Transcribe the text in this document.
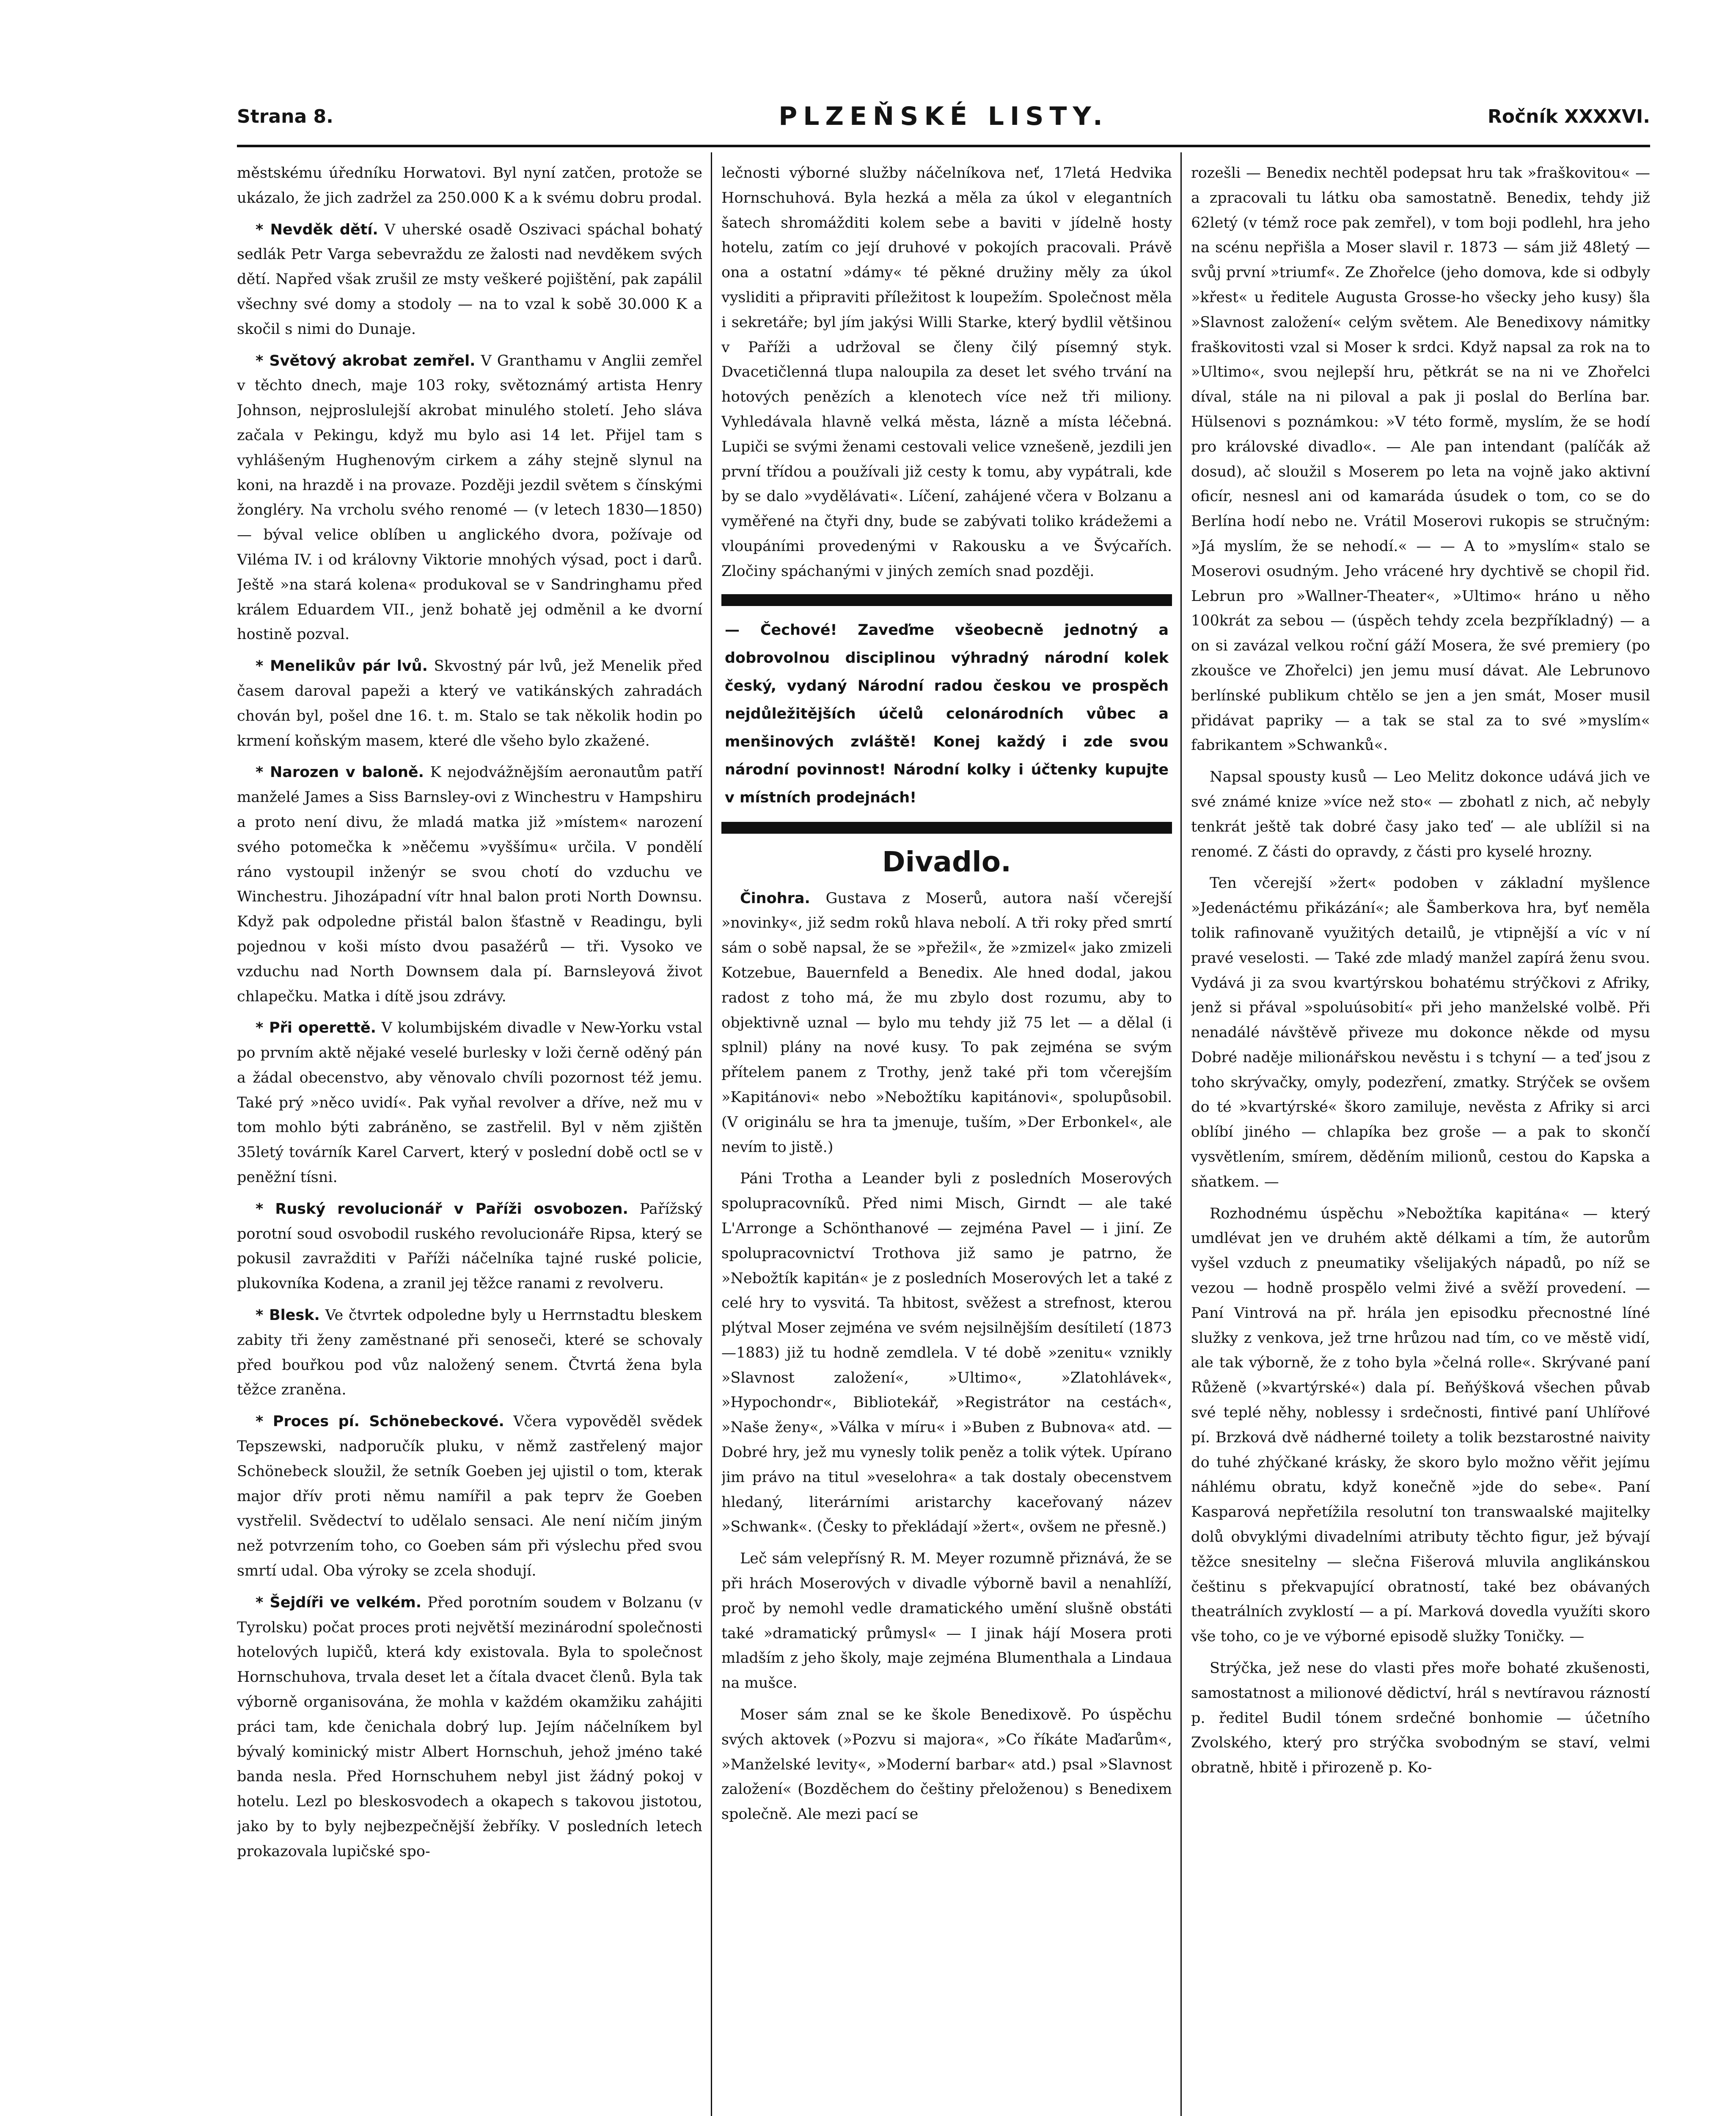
Strana 8.	PLZEŇSKÉ LISTY.	Ročník XXXXVI.

městskému úředníku Horwatovi. Byl nyní zatčen, protože se ukázalo, že jich zadržel za 250.000 K a k svému dobru prodal.

* Nevděk dětí. V uherské osadě Oszivaci spáchal bohatý sedlák Petr Varga sebevraždu ze žalosti nad nevděkem svých dětí. Napřed však zrušil ze msty veškeré pojištění, pak zapálil všechny své domy a stodoly — na to vzal k sobě 30.000 K a skočil s nimi do Dunaje.

* Světový akrobat zemřel. V Granthamu v Anglii zemřel v těchto dnech, maje 103 roky, světoznámý artista Henry Johnson, nejproslulejší akrobat minulého století. Jeho sláva začala v Pekingu, když mu bylo asi 14 let. Přijel tam s vyhlášeným Hughenovým cirkem a záhy stejně slynul na koni, na hrazdě i na provaze. Později jezdil světem s čínskými žongléry. Na vrcholu svého renomé — (v letech 1830—1850) — býval velice oblíben u anglického dvora, požívaje od Viléma IV. i od královny Viktorie mnohých výsad, poct i darů. Ještě »na stará kolena« produkoval se v Sandringhamu před králem Eduardem VII., jenž bohatě jej odměnil a ke dvorní hostině pozval.

* Menelikův pár lvů. Skvostný pár lvů, jež Menelik před časem daroval papeži a který ve vatikánských zahradách chován byl, pošel dne 16. t. m. Stalo se tak několik hodin po krmení koňským masem, které dle všeho bylo zkažené.

* Narozen v baloně. K nejodvážnějším aeronautům patří manželé James a Siss Barnsley-ovi z Winchestru v Hampshiru a proto není divu, že mladá matka již »místem« narození svého potomečka k »něčemu »vyššímu« určila. V pondělí ráno vystoupil inženýr se svou chotí do vzduchu ve Winchestru. Jihozápadní vítr hnal balon proti North Downsu. Když pak odpoledne přistál balon šťastně v Readingu, byli pojednou v koši místo dvou pasažérů — tři. Vysoko ve vzduchu nad North Downsem dala pí. Barnsleyová život chlapečku. Matka i dítě jsou zdrávy.

* Při operettě. V kolumbijském divadle v New-Yorku vstal po prvním aktě nějaké veselé burlesky v loži černě oděný pán a žádal obecenstvo, aby věnovalo chvíli pozornost též jemu. Také prý »něco uvidí«. Pak vyňal revolver a dříve, než mu v tom mohlo býti zabráněno, se zastřelil. Byl v něm zjištěn 35letý továrník Karel Carvert, který v poslední době octl se v peněžní tísni.

* Ruský revolucionář v Paříži osvobozen. Pařížský porotní soud osvobodil ruského revolucionáře Ripsa, který se pokusil zavražditi v Paříži náčelníka tajné ruské policie, plukovníka Kodena, a zranil jej těžce ranami z revolveru.

* Blesk. Ve čtvrtek odpoledne byly u Herrnstadtu bleskem zabity tři ženy zaměstnané při senoseči, které se schovaly před bouřkou pod vůz naložený senem. Čtvrtá žena byla těžce zraněna.

* Proces pí. Schönebeckové. Včera vypověděl svědek Tepszewski, nadporučík pluku, v němž zastřelený major Schönebeck sloužil, že setník Goeben jej ujistil o tom, kterak major dřív proti němu namířil a pak teprv že Goeben vystřelil. Svědectví to udělalo sensaci. Ale není ničím jiným než potvrzením toho, co Goeben sám při výslechu před svou smrtí udal. Oba výroky se zcela shodují.

* Šejdíři ve velkém. Před porotním soudem v Bolzanu (v Tyrolsku) počat proces proti největší mezinárodní společnosti hotelových lupičů, která kdy existovala. Byla to společnost Hornschuhova, trvala deset let a čítala dvacet členů. Byla tak výborně organisována, že mohla v každém okamžiku zahájiti práci tam, kde čenichala dobrý lup. Jejím náčelníkem byl bývalý kominický mistr Albert Hornschuh, jehož jméno také banda nesla. Před Hornschuhem nebyl jist žádný pokoj v hotelu. Lezl po bleskosvodech a okapech s takovou jistotou, jako by to byly nejbezpečnější žebříky. V posledních letech prokazovala lupičské spo-

lečnosti výborné služby náčelníkova neť, 17letá Hedvika Hornschuhová. Byla hezká a měla za úkol v elegantních šatech shromážditi kolem sebe a baviti v jídelně hosty hotelu, zatím co její druhové v pokojích pracovali. Právě ona a ostatní »dámy« té pěkné družiny měly za úkol vysliditi a připraviti příležitost k loupežím. Společnost měla i sekretáře; byl jím jakýsi Willi Starke, který bydlil většinou v Paříži a udržoval se členy čilý písemný styk. Dvacetičlenná tlupa naloupila za deset let svého trvání na hotových penězích a klenotech více než tři miliony. Vyhledávala hlavně velká města, lázně a místa léčebná. Lupiči se svými ženami cestovali velice vznešeně, jezdili jen první třídou a používali již cesty k tomu, aby vypátrali, kde by se dalo »vydělávati«. Líčení, zahájené včera v Bolzanu a vyměřené na čtyři dny, bude se zabývati toliko krádežemi a vloupáními provedenými v Rakousku a ve Švýcařích. Zločiny spáchanými v jiných zemích snad později.

— Čechové! Zaveďme všeobecně jednotný a dobrovolnou disciplinou výhradný národní kolek český, vydaný Národní radou českou ve prospěch nejdůležitějších účelů celonárodních vůbec a menšinových zvláště! Konej každý i zde svou národní povinnost! Národní kolky i účtenky kupujte v místních prodejnách!
Divadlo.

Činohra. Gustava z Moserů, autora naší včerejší »novinky«, již sedm roků hlava nebolí. A tři roky před smrtí sám o sobě napsal, že se »přežil«, že »zmizel« jako zmizeli Kotzebue, Bauernfeld a Benedix. Ale hned dodal, jakou radost z toho má, že mu zbylo dost rozumu, aby to objektivně uznal — bylo mu tehdy již 75 let — a dělal (i splnil) plány na nové kusy. To pak zejména se svým přítelem panem z Trothy, jenž také při tom včerejším »Kapitánovi« nebo »Nebožtíku kapitánovi«, spolupůsobil. (V originálu se hra ta jmenuje, tuším, »Der Erbonkel«, ale nevím to jistě.)

Páni Trotha a Leander byli z posledních Moserových spolupracovníků. Před nimi Misch, Girndt — ale také L'Arronge a Schönthanové — zejména Pavel — i jiní. Ze spolupracovnictví Trothova již samo je patrno, že »Nebožtík kapitán« je z posledních Moserových let a také z celé hry to vysvitá. Ta hbitost, svěžest a strefnost, kterou plýtval Moser zejména ve svém nejsilnějším desítiletí (1873—1883) již tu hodně zemdlela. V té době »zenitu« vznikly »Slavnost založení«, »Ultimo«, »Zlatohlávek«, »Hypochondr«, Bibliotekář, »Registrátor na cestách«, »Naše ženy«, »Válka v míru« i »Buben z Bubnova« atd. — Dobré hry, jež mu vynesly tolik peněz a tolik výtek. Upírano jim právo na titul »veselohra« a tak dostaly obecenstvem hledaný, literárními aristarchy kaceřovaný název »Schwank«. (Česky to překládají »žert«, ovšem ne přesně.)

Leč sám velepřísný R. M. Meyer rozumně přiznává, že se při hrách Moserových v divadle výborně bavil a nenahlíží, proč by nemohl vedle dramatického umění slušně obstáti také »dramatický průmysl« — I jinak hájí Mosera proti mladším z jeho školy, maje zejména Blumenthala a Lindaua na mušce.

Moser sám znal se ke škole Benedixově. Po úspěchu svých aktovek (»Pozvu si majora«, »Co říkáte Maďarům«, »Manželské levity«, »Moderní barbar« atd.) psal »Slavnost založení« (Bozděchem do češtiny přeloženou) s Benedixem společně. Ale mezi pací se

rozešli — Benedix nechtěl podepsat hru tak »fraškovitou« — a zpracovali tu látku oba samostatně. Benedix, tehdy již 62letý (v témž roce pak zemřel), v tom boji podlehl, hra jeho na scénu nepřišla a Moser slavil r. 1873 — sám již 48letý — svůj první »triumf«. Ze Zhořelce (jeho domova, kde si odbyly »křest« u ředitele Augusta Grosse-ho všecky jeho kusy) šla »Slavnost založení« celým světem. Ale Benedixovy námitky fraškovitosti vzal si Moser k srdci. Když napsal za rok na to »Ultimo«, svou nejlepší hru, pětkrát se na ni ve Zhořelci díval, stále na ni piloval a pak ji poslal do Berlína bar. Hülsenovi s poznámkou: »V této formě, myslím, že se hodí pro královské divadlo«. — Ale pan intendant (palíčák až dosud), ač sloužil s Moserem po leta na vojně jako aktivní oficír, nesnesl ani od kamaráda úsudek o tom, co se do Berlína hodí nebo ne. Vrátil Moserovi rukopis se stručným: »Já myslím, že se nehodí.« — — A to »myslím« stalo se Moserovi osudným. Jeho vrácené hry dychtivě se chopil řid. Lebrun pro »Wallner-Theater«, »Ultimo« hráno u něho 100krát za sebou — (úspěch tehdy zcela bezpříkladný) — a on si zavázal velkou roční gáží Mosera, že své premiery (po zkoušce ve Zhořelci) jen jemu musí dávat. Ale Lebrunovo berlínské publikum chtělo se jen a jen smát, Moser musil přidávat papriky — a tak se stal za to své »myslím« fabrikantem »Schwanků«.

Napsal spousty kusů — Leo Melitz dokonce udává jich ve své známé knize »více než sto« — zbohatl z nich, ač nebyly tenkrát ještě tak dobré časy jako teď — ale ublížil si na renomé. Z části do opravdy, z části pro kyselé hrozny.

Ten včerejší »žert« podoben v základní myšlence »Jedenáctému přikázání«; ale Šamberkova hra, byť neměla tolik rafinovaně využitých detailů, je vtipnější a víc v ní pravé veselosti. — Také zde mladý manžel zapírá ženu svou. Vydává ji za svou kvartýrskou bohatému strýčkovi z Afriky, jenž si přával »spoluúsobití« při jeho manželské volbě. Při nenadálé návštěvě přiveze mu dokonce někde od mysu Dobré naděje milionářskou nevěstu i s tchyní — a teď jsou z toho skrývačky, omyly, podezření, zmatky. Strýček se ovšem do té »kvartýrské« škoro zamiluje, nevěsta z Afriky si arci oblíbí jiného — chlapíka bez groše — a pak to skončí vysvětlením, smírem, děděním milionů, cestou do Kapska a sňatkem. —

Rozhodnému úspěchu »Nebožtíka kapitána« — který umdlévat jen ve druhém aktě délkami a tím, že autorům vyšel vzduch z pneumatiky všelijakých nápadů, po níž se vezou — hodně prospělo velmi živé a svěží provedení. — Paní Vintrová na př. hrála jen episodku přecnostné líné služky z venkova, jež trne hrůzou nad tím, co ve městě vidí, ale tak výborně, že z toho byla »čelná rolle«. Skrývané paní Růženě (»kvartýrské«) dala pí. Beňýšková všechen půvab své teplé něhy, noblessy i srdečnosti, fintivé paní Uhlířové pí. Brzková dvě nádherné toilety a tolik bezstarostné naivity do tuhé zhýčkané krásky, že skoro bylo možno věřit jejímu náhlému obratu, když konečně »jde do sebe«. Paní Kasparová nepřetížila resolutní ton transwaalské majitelky dolů obvyklými divadelními atributy těchto figur, jež bývají těžce snesitelny — slečna Fišerová mluvila anglikánskou češtinu s překvapující obratností, také bez obávaných theatrálních zvyklostí — a pí. Marková dovedla využíti skoro vše toho, co je ve výborné episodě služky Toničky. —

Strýčka, jež nese do vlasti přes moře bohaté zkušenosti, samostatnost a milionové dědictví, hrál s nevtíravou rázností p. ředitel Budil tónem srdečné bonhomie — účetního Zvolského, který pro strýčka svobodným se staví, velmi obratně, hbitě i přirozeně p. Ko-
